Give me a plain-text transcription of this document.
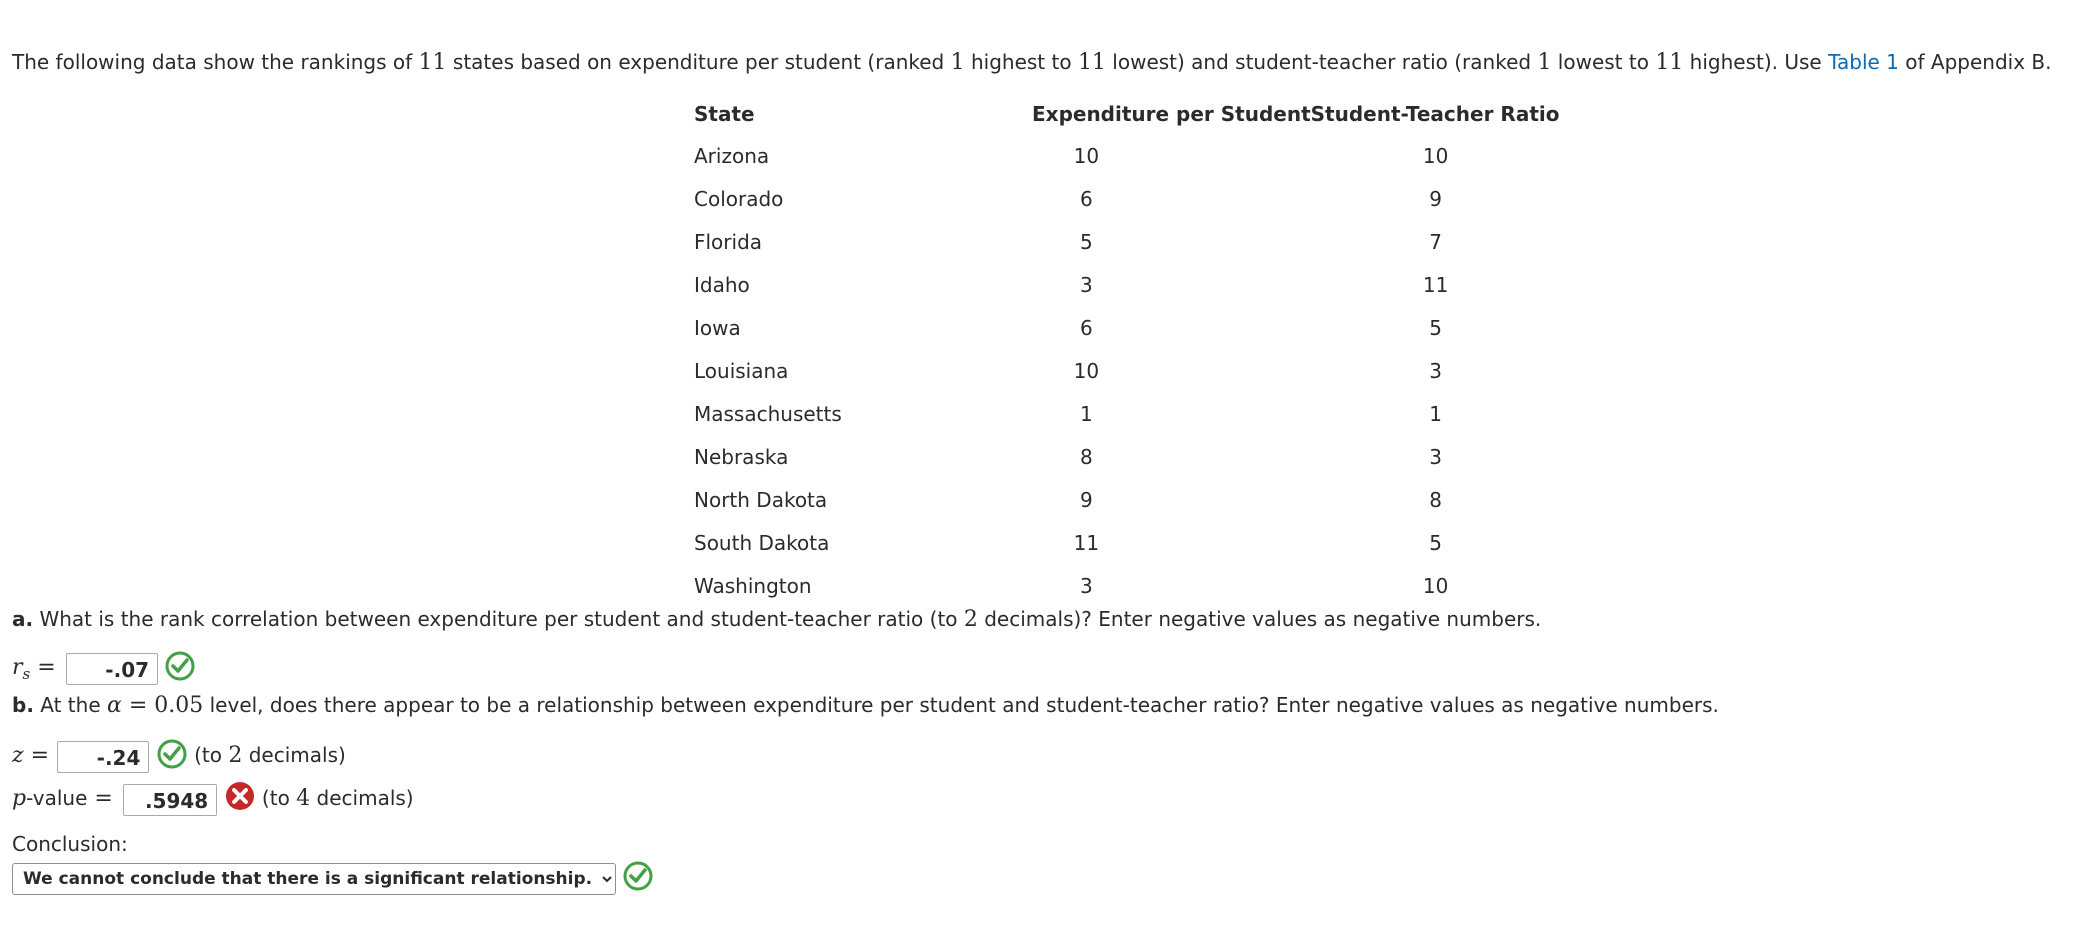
The following data show the rankings of 11 states based on expenditure per student (ranked 1 highest to 11 lowest) and student-teacher ratio (ranked 1 lowest to 11 highest). Use Table 1 of Appendix B.
State	Expenditure per Student	Student-Teacher Ratio
Arizona	10	10
Colorado	6	9
Florida	5	7
Idaho	3	11
Iowa	6	5
Louisiana	10	3
Massachusetts	1	1
Nebraska	8	3
North Dakota	9	8
South Dakota	11	5
Washington	3	10
a. What is the rank correlation between expenditure per student and student-teacher ratio (to 2 decimals)? Enter negative values as negative numbers.
$r_s = -.07$
b. At the α = 0.05 level, does there appear to be a relationship between expenditure per student and student-teacher ratio? Enter negative values as negative numbers.
z = -.24	(to 2 decimals)
p-value = .5948	(to 4 decimals)
Conclusion:
We cannot conclude that there is a significant relationship.
